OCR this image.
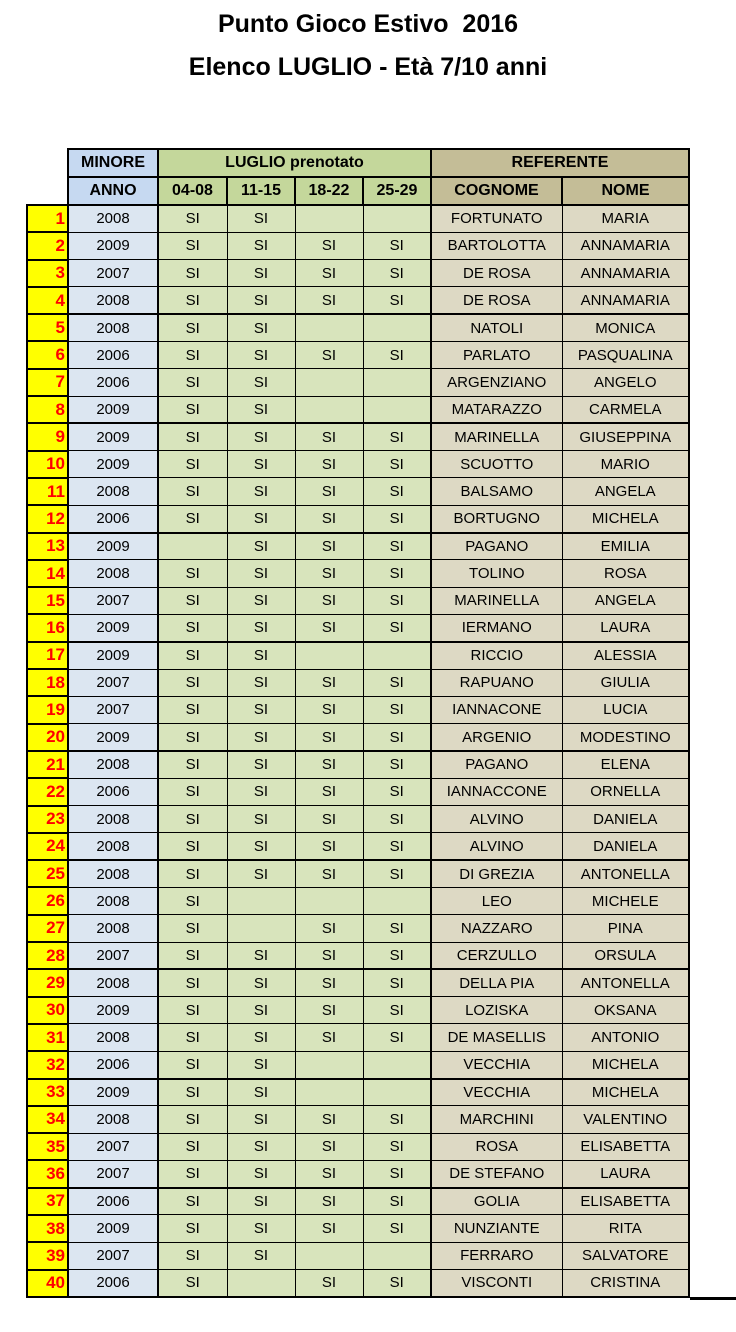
Punto Gioco Estivo  2016
Elenco LUGLIO - Età 7/10 anni
	MINORE	LUGLIO prenotato				REFERENTE	
	ANNO	04-08	11-15	18-22	25-29	COGNOME	NOME
1	2008	SI	SI			FORTUNATO	MARIA
2	2009	SI	SI	SI	SI	BARTOLOTTA	ANNAMARIA
3	2007	SI	SI	SI	SI	DE ROSA	ANNAMARIA
4	2008	SI	SI	SI	SI	DE ROSA	ANNAMARIA
5	2008	SI	SI			NATOLI	MONICA
6	2006	SI	SI	SI	SI	PARLATO	PASQUALINA
7	2006	SI	SI			ARGENZIANO	ANGELO
8	2009	SI	SI			MATARAZZO	CARMELA
9	2009	SI	SI	SI	SI	MARINELLA	GIUSEPPINA
10	2009	SI	SI	SI	SI	SCUOTTO	MARIO
11	2008	SI	SI	SI	SI	BALSAMO	ANGELA
12	2006	SI	SI	SI	SI	BORTUGNO	MICHELA
13	2009		SI	SI	SI	PAGANO	EMILIA
14	2008	SI	SI	SI	SI	TOLINO	ROSA
15	2007	SI	SI	SI	SI	MARINELLA	ANGELA
16	2009	SI	SI	SI	SI	IERMANO	LAURA
17	2009	SI	SI			RICCIO	ALESSIA
18	2007	SI	SI	SI	SI	RAPUANO	GIULIA
19	2007	SI	SI	SI	SI	IANNACONE	LUCIA
20	2009	SI	SI	SI	SI	ARGENIO	MODESTINO
21	2008	SI	SI	SI	SI	PAGANO	ELENA
22	2006	SI	SI	SI	SI	IANNACCONE	ORNELLA
23	2008	SI	SI	SI	SI	ALVINO	DANIELA
24	2008	SI	SI	SI	SI	ALVINO	DANIELA
25	2008	SI	SI	SI	SI	DI GREZIA	ANTONELLA
26	2008	SI				LEO	MICHELE
27	2008	SI		SI	SI	NAZZARO	PINA
28	2007	SI	SI	SI	SI	CERZULLO	ORSULA
29	2008	SI	SI	SI	SI	DELLA PIA	ANTONELLA
30	2009	SI	SI	SI	SI	LOZISKA	OKSANA
31	2008	SI	SI	SI	SI	DE MASELLIS	ANTONIO
32	2006	SI	SI			VECCHIA	MICHELA
33	2009	SI	SI			VECCHIA	MICHELA
34	2008	SI	SI	SI	SI	MARCHINI	VALENTINO
35	2007	SI	SI	SI	SI	ROSA	ELISABETTA
36	2007	SI	SI	SI	SI	DE STEFANO	LAURA
37	2006	SI	SI	SI	SI	GOLIA	ELISABETTA
38	2009	SI	SI	SI	SI	NUNZIANTE	RITA
39	2007	SI	SI			FERRARO	SALVATORE
40	2006	SI		SI	SI	VISCONTI	CRISTINA
